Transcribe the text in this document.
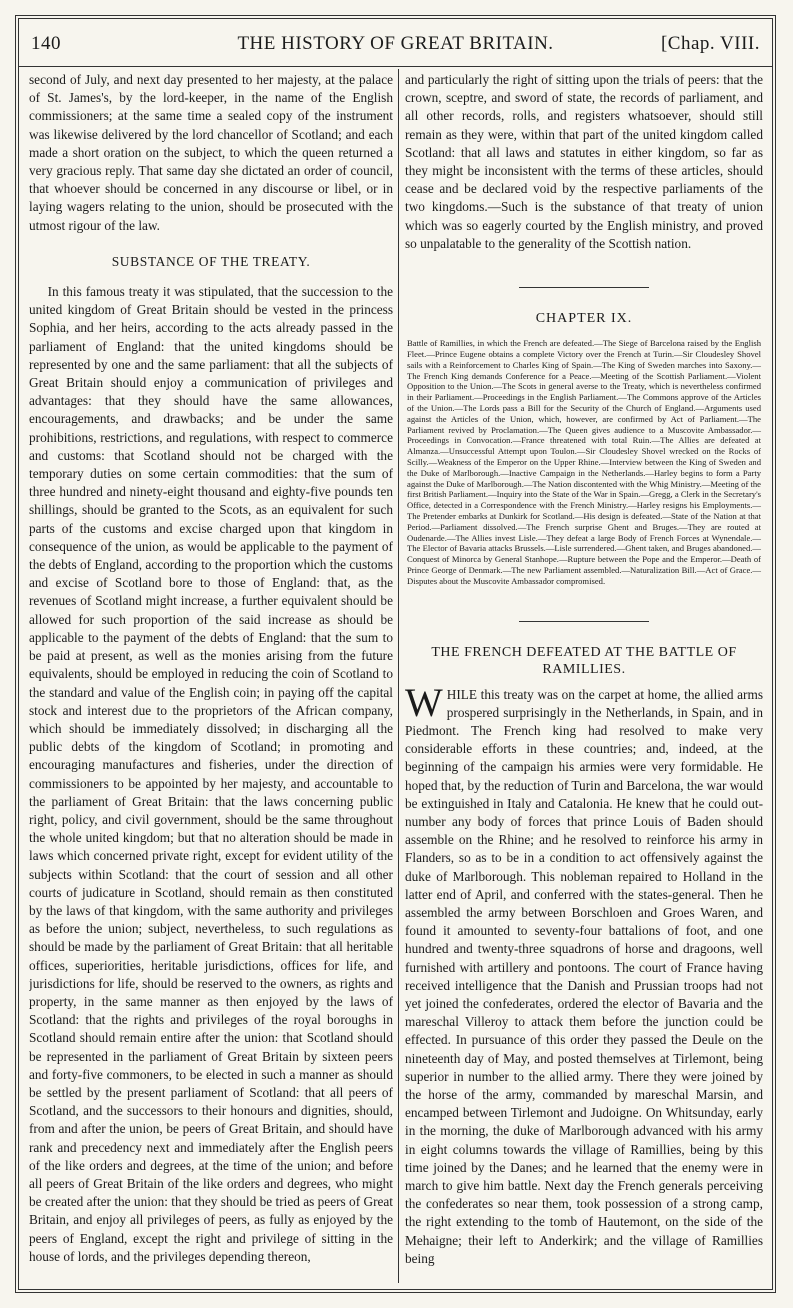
140	THE HISTORY OF GREAT BRITAIN.	[Chap. VIII.

second of July, and next day presented to her majesty, at the palace of St. James's, by the lord-keeper, in the name of the English commissioners; at the same time a sealed copy of the instrument was likewise delivered by the lord chancellor of Scotland; and each made a short oration on the subject, to which the queen returned a very gracious reply. That same day she dictated an order of council, that whoever should be concerned in any discourse or libel, or in laying wagers relating to the union, should be prosecuted with the utmost rigour of the law.

SUBSTANCE OF THE TREATY.

In this famous treaty it was stipulated, that the succession to the united kingdom of Great Britain should be vested in the princess Sophia, and her heirs, according to the acts already passed in the parliament of England: that the united kingdoms should be represented by one and the same parliament: that all the subjects of Great Britain should enjoy a communication of privileges and advantages: that they should have the same allowances, encouragements, and drawbacks; and be under the same prohibitions, restrictions, and regulations, with respect to commerce and customs: that Scotland should not be charged with the temporary duties on some certain commodities: that the sum of three hundred and ninety-eight thousand and eighty-five pounds ten shillings, should be granted to the Scots, as an equivalent for such parts of the customs and excise charged upon that kingdom in consequence of the union, as would be applicable to the payment of the debts of England, according to the proportion which the customs and excise of Scotland bore to those of England: that, as the revenues of Scotland might increase, a further equivalent should be allowed for such proportion of the said increase as should be applicable to the payment of the debts of England: that the sum to be paid at present, as well as the monies arising from the future equivalents, should be employed in reducing the coin of Scotland to the standard and value of the English coin; in paying off the capital stock and interest due to the proprietors of the African company, which should be immediately dissolved; in discharging all the public debts of the kingdom of Scotland; in promoting and encouraging manufactures and fisheries, under the direction of commissioners to be appointed by her majesty, and accountable to the parliament of Great Britain: that the laws concerning public right, policy, and civil government, should be the same throughout the whole united kingdom; but that no alteration should be made in laws which concerned private right, except for evident utility of the subjects within Scotland: that the court of session and all other courts of judicature in Scotland, should remain as then constituted by the laws of that kingdom, with the same authority and privileges as before the union; subject, nevertheless, to such regulations as should be made by the parliament of Great Britain: that all heritable offices, superiorities, heritable jurisdictions, offices for life, and jurisdictions for life, should be reserved to the owners, as rights and property, in the same manner as then enjoyed by the laws of Scotland: that the rights and privileges of the royal boroughs in Scotland should remain entire after the union: that Scotland should be represented in the parliament of Great Britain by sixteen peers and forty-five commoners, to be elected in such a manner as should be settled by the present parliament of Scotland: that all peers of Scotland, and the successors to their honours and dignities, should, from and after the union, be peers of Great Britain, and should have rank and precedency next and immediately after the English peers of the like orders and degrees, at the time of the union; and before all peers of Great Britain of the like orders and degrees, who might be created after the union: that they should be tried as peers of Great Britain, and enjoy all privileges of peers, as fully as enjoyed by the peers of England, except the right and privilege of sitting in the house of lords, and the privileges depending thereon,

and particularly the right of sitting upon the trials of peers: that the crown, sceptre, and sword of state, the records of parliament, and all other records, rolls, and registers whatsoever, should still remain as they were, within that part of the united kingdom called Scotland: that all laws and statutes in either kingdom, so far as they might be inconsistent with the terms of these articles, should cease and be declared void by the respective parliaments of the two kingdoms.—Such is the substance of that treaty of union which was so eagerly courted by the English ministry, and proved so unpalatable to the generality of the Scottish nation.

CHAPTER IX.
Battle of Ramillies, in which the French are defeated.—The Siege of Barcelona raised by the English Fleet.—Prince Eugene obtains a complete Victory over the French at Turin.—Sir Cloudesley Shovel sails with a Reinforcement to Charles King of Spain.—The King of Sweden marches into Saxony.—The French King demands Conference for a Peace.—Meeting of the Scottish Parliament.—Violent Opposition to the Union.—The Scots in general averse to the Treaty, which is nevertheless confirmed in their Parliament.—Proceedings in the English Parliament.—The Commons approve of the Articles of the Union.—The Lords pass a Bill for the Security of the Church of England.—Arguments used against the Articles of the Union, which, however, are confirmed by Act of Parliament.—The Parliament revived by Proclamation.—The Queen gives audience to a Muscovite Ambassador.—Proceedings in Convocation.—France threatened with total Ruin.—The Allies are defeated at Almanza.—Unsuccessful Attempt upon Toulon.—Sir Cloudesley Shovel wrecked on the Rocks of Scilly.—Weakness of the Emperor on the Upper Rhine.—Interview between the King of Sweden and the Duke of Marlborough.—Inactive Campaign in the Netherlands.—Harley begins to form a Party against the Duke of Marlborough.—The Nation discontented with the Whig Ministry.—Meeting of the first British Parliament.—Inquiry into the State of the War in Spain.—Gregg, a Clerk in the Secretary's Office, detected in a Correspondence with the French Ministry.—Harley resigns his Employments.—The Pretender embarks at Dunkirk for Scotland.—His design is defeated.—State of the Nation at that Period.—Parliament dissolved.—The French surprise Ghent and Bruges.—They are routed at Oudenarde.—The Allies invest Lisle.—They defeat a large Body of French Forces at Wynendale.—The Elector of Bavaria attacks Brussels.—Lisle surrendered.—Ghent taken, and Bruges abandoned.—Conquest of Minorca by General Stanhope.—Rupture between the Pope and the Emperor.—Death of Prince George of Denmark.—The new Parliament assembled.—Naturalization Bill.—Act of Grace.—Disputes about the Muscovite Ambassador compromised.
THE FRENCH DEFEATED AT THE BATTLE OF RAMILLIES.

WHILE this treaty was on the carpet at home, the allied arms prospered surprisingly in the Netherlands, in Spain, and in Piedmont. The French king had resolved to make very considerable efforts in these countries; and, indeed, at the beginning of the campaign his armies were very formidable. He hoped that, by the reduction of Turin and Barcelona, the war would be extinguished in Italy and Catalonia. He knew that he could out-number any body of forces that prince Louis of Baden should assemble on the Rhine; and he resolved to reinforce his army in Flanders, so as to be in a condition to act offensively against the duke of Marlborough. This nobleman repaired to Holland in the latter end of April, and conferred with the states-general. Then he assembled the army between Borschloen and Groes Waren, and found it amounted to seventy-four battalions of foot, and one hundred and twenty-three squadrons of horse and dragoons, well furnished with artillery and pontoons. The court of France having received intelligence that the Danish and Prussian troops had not yet joined the confederates, ordered the elector of Bavaria and the mareschal Villeroy to attack them before the junction could be effected. In pursuance of this order they passed the Deule on the nineteenth day of May, and posted themselves at Tirlemont, being superior in number to the allied army. There they were joined by the horse of the army, commanded by mareschal Marsin, and encamped between Tirlemont and Judoigne. On Whitsunday, early in the morning, the duke of Marlborough advanced with his army in eight columns towards the village of Ramillies, being by this time joined by the Danes; and he learned that the enemy were in march to give him battle. Next day the French generals perceiving the confederates so near them, took possession of a strong camp, the right extending to the tomb of Hautemont, on the side of the Mehaigne; their left to Anderkirk; and the village of Ramillies being
